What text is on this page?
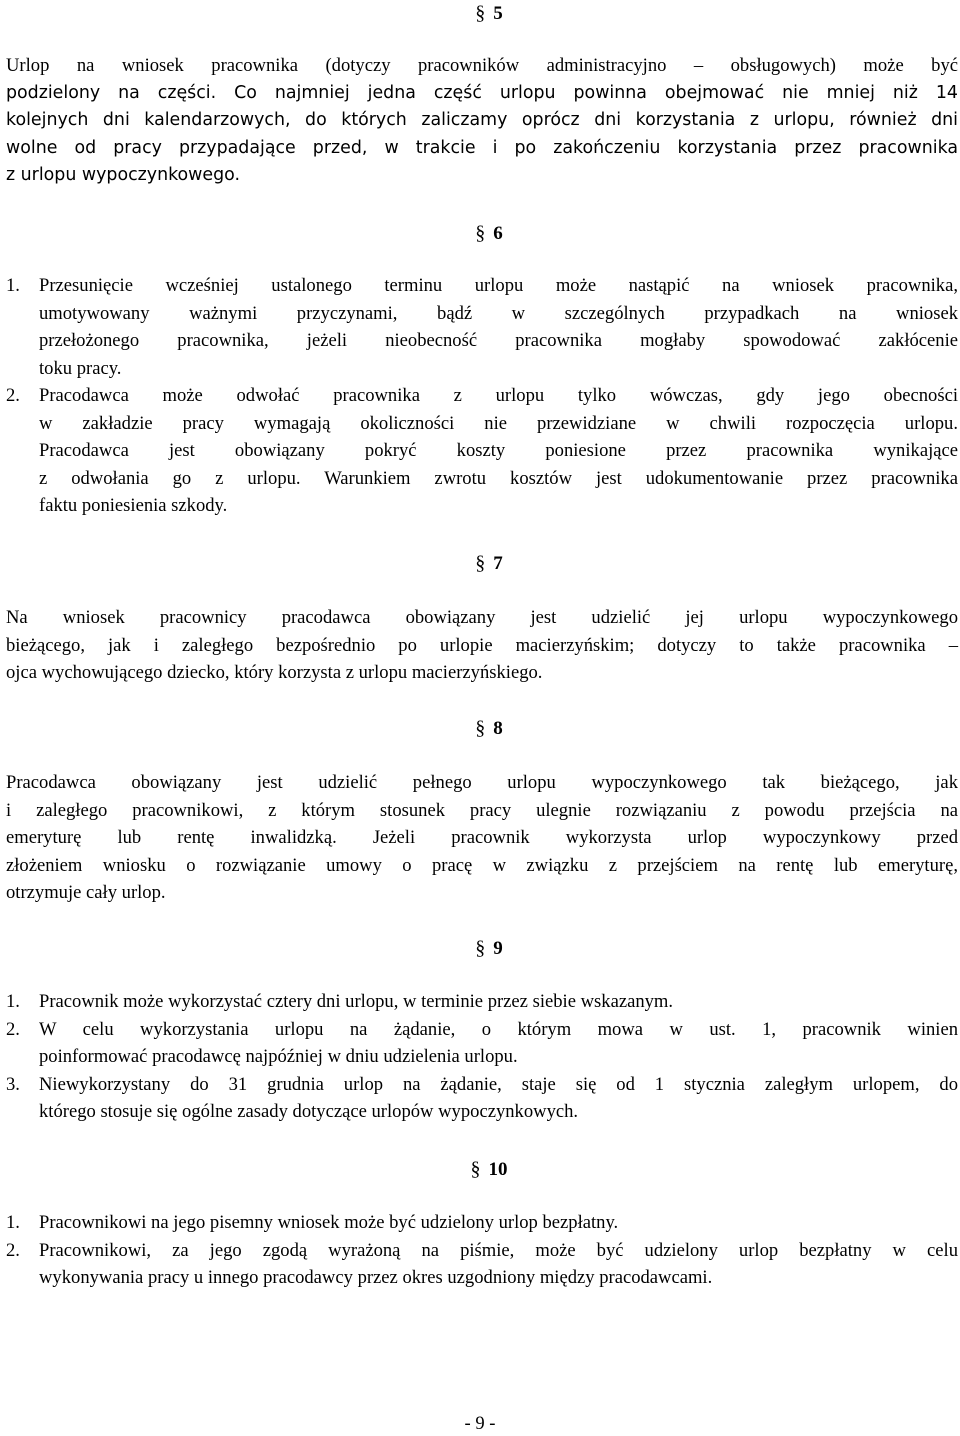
§ 5
Urlop na wniosek pracownika (dotyczy pracowników administracyjno – obsługowych) może być
podzielony na części. Co najmniej jedna część urlopu powinna obejmować nie mniej niż 14
kolejnych dni kalendarzowych, do których zaliczamy oprócz dni korzystania z urlopu, również dni
wolne od pracy przypadające przed, w trakcie i po zakończeniu korzystania przez pracownika
z urlopu wypoczynkowego.
§ 6
1. Przesunięcie wcześniej ustalonego terminu urlopu może nastąpić na wniosek pracownika,
umotywowany ważnymi przyczynami, bądź w szczególnych przypadkach na wniosek
przełożonego pracownika, jeżeli nieobecność pracownika mogłaby spowodować zakłócenie
toku pracy.
2. Pracodawca może odwołać pracownika z urlopu tylko wówczas, gdy jego obecności
w zakładzie pracy wymagają okoliczności nie przewidziane w chwili rozpoczęcia urlopu.
Pracodawca jest obowiązany pokryć koszty poniesione przez pracownika wynikające
z odwołania go z urlopu. Warunkiem zwrotu kosztów jest udokumentowanie przez pracownika
faktu poniesienia szkody.
§ 7
Na wniosek pracownicy pracodawca obowiązany jest udzielić jej urlopu wypoczynkowego
bieżącego, jak i zaległego bezpośrednio po urlopie macierzyńskim; dotyczy to także pracownika –
ojca wychowującego dziecko, który korzysta z urlopu macierzyńskiego.
§ 8
Pracodawca obowiązany jest udzielić pełnego urlopu wypoczynkowego tak bieżącego, jak
i zaległego pracownikowi, z którym stosunek pracy ulegnie rozwiązaniu z powodu przejścia na
emeryturę lub rentę inwalidzką. Jeżeli pracownik wykorzysta urlop wypoczynkowy przed
złożeniem wniosku o rozwiązanie umowy o pracę w związku z przejściem na rentę lub emeryturę,
otrzymuje cały urlop.
§ 9
1. Pracownik może wykorzystać cztery dni urlopu, w terminie przez siebie wskazanym.
2. W celu wykorzystania urlopu na żądanie, o którym mowa w ust. 1, pracownik winien
poinformować pracodawcę najpóźniej w dniu udzielenia urlopu.
3. Niewykorzystany do 31 grudnia urlop na żądanie, staje się od 1 stycznia zaległym urlopem, do
którego stosuje się ogólne zasady dotyczące urlopów wypoczynkowych.
§ 10
1. Pracownikowi na jego pisemny wniosek może być udzielony urlop bezpłatny.
2. Pracownikowi, za jego zgodą wyrażoną na piśmie, może być udzielony urlop bezpłatny w celu
wykonywania pracy u innego pracodawcy przez okres uzgodniony między pracodawcami.
- 9 -
